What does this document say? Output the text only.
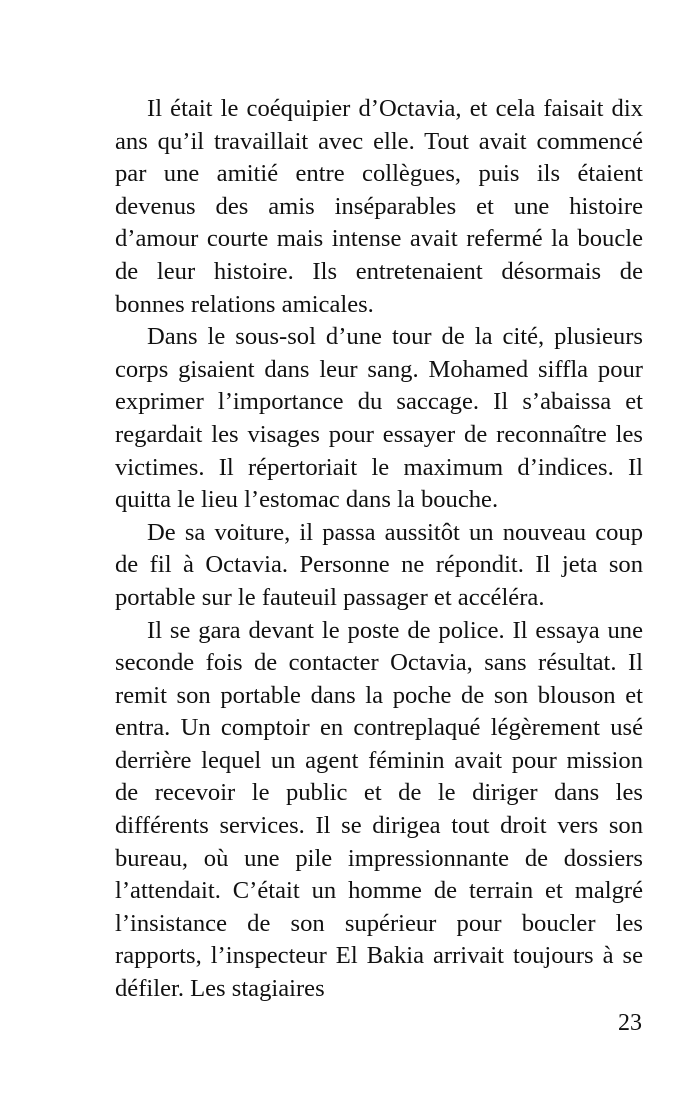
Il était le coéquipier d’Octavia, et cela faisait dix ans qu’il travaillait avec elle. Tout avait commencé par une amitié entre collègues, puis ils étaient devenus des amis inséparables et une histoire d’amour courte mais intense avait refermé la boucle de leur histoire. Ils entretenaient désormais de bonnes relations amicales.

Dans le sous-sol d’une tour de la cité, plusieurs corps gisaient dans leur sang. Mohamed siffla pour exprimer l’importance du saccage. Il s’abaissa et regardait les visages pour essayer de reconnaître les victimes. Il répertoriait le maximum d’indices. Il quitta le lieu l’estomac dans la bouche.

De sa voiture, il passa aussitôt un nouveau coup de fil à Octavia. Personne ne répondit. Il jeta son portable sur le fauteuil passager et accéléra.

Il se gara devant le poste de police. Il essaya une seconde fois de contacter Octavia, sans résultat. Il remit son portable dans la poche de son blouson et entra. Un comptoir en contreplaqué légèrement usé derrière lequel un agent féminin avait pour mission de recevoir le public et de le diriger dans les différents services. Il se dirigea tout droit vers son bureau, où une pile impressionnante de dossiers l’attendait. C’était un homme de terrain et malgré l’insistance de son supérieur pour boucler les rapports, l’inspecteur El Bakia arrivait toujours à se défiler. Les stagiaires

23
